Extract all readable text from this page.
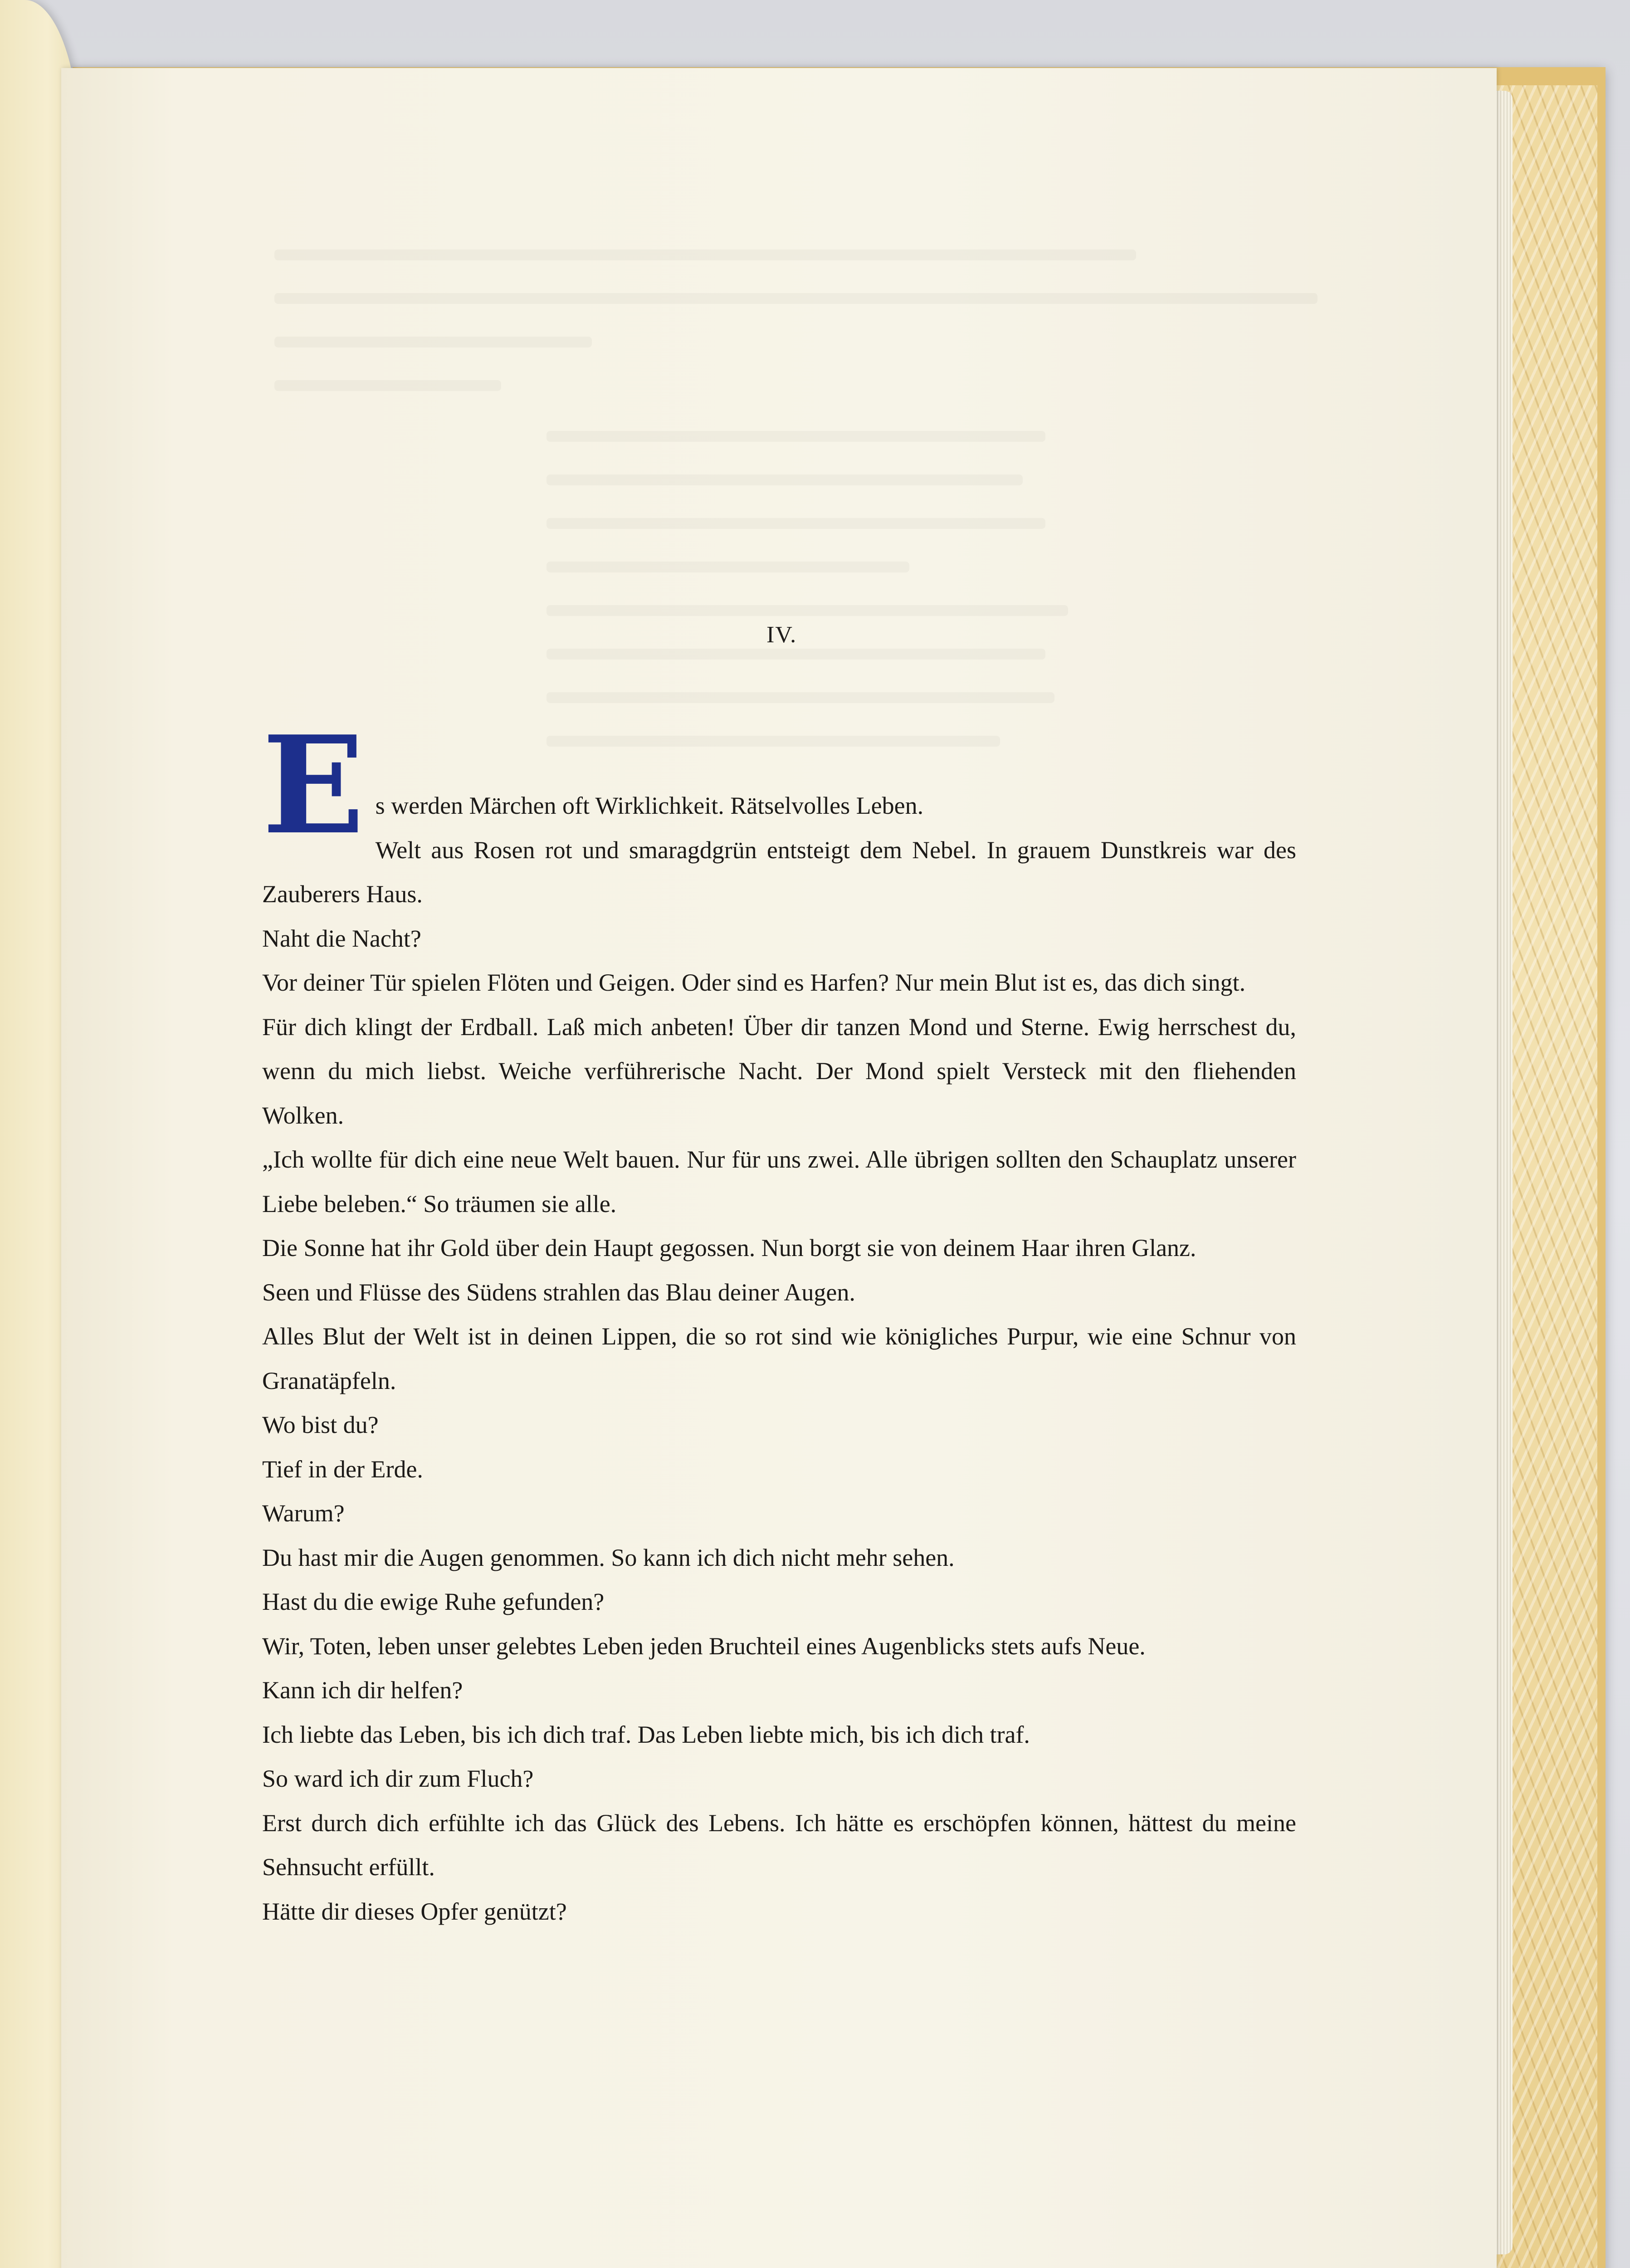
IV.
E s werden Märchen oft Wirklichkeit. Rätselvolles Leben.

Welt aus Rosen rot und smaragdgrün entsteigt dem Nebel. In grauem Dunstkreis war des Zauberers Haus.

Naht die Nacht?

Vor deiner Tür spielen Flöten und Geigen. Oder sind es Harfen? Nur mein Blut ist es, das dich singt.

Für dich klingt der Erdball. Laß mich anbeten! Über dir tanzen Mond und Sterne. Ewig herrschest du, wenn du mich liebst. Weiche verführerische Nacht. Der Mond spielt Versteck mit den fliehenden Wolken.

„Ich wollte für dich eine neue Welt bauen. Nur für uns zwei. Alle übrigen sollten den Schauplatz unserer Liebe beleben.“ So träumen sie alle.

Die Sonne hat ihr Gold über dein Haupt gegossen. Nun borgt sie von deinem Haar ihren Glanz.

Seen und Flüsse des Südens strahlen das Blau deiner Augen.

Alles Blut der Welt ist in deinen Lippen, die so rot sind wie königliches Purpur, wie eine Schnur von Granatäpfeln.

Wo bist du?

Tief in der Erde.

Warum?

Du hast mir die Augen genommen. So kann ich dich nicht mehr sehen.

Hast du die ewige Ruhe gefunden?

Wir, Toten, leben unser gelebtes Leben jeden Bruchteil eines Augenblicks stets aufs Neue.

Kann ich dir helfen?

Ich liebte das Leben, bis ich dich traf. Das Leben liebte mich, bis ich dich traf.

So ward ich dir zum Fluch?

Erst durch dich erfühlte ich das Glück des Lebens. Ich hätte es erschöpfen können, hättest du meine Sehnsucht erfüllt.

Hätte dir dieses Opfer genützt?
